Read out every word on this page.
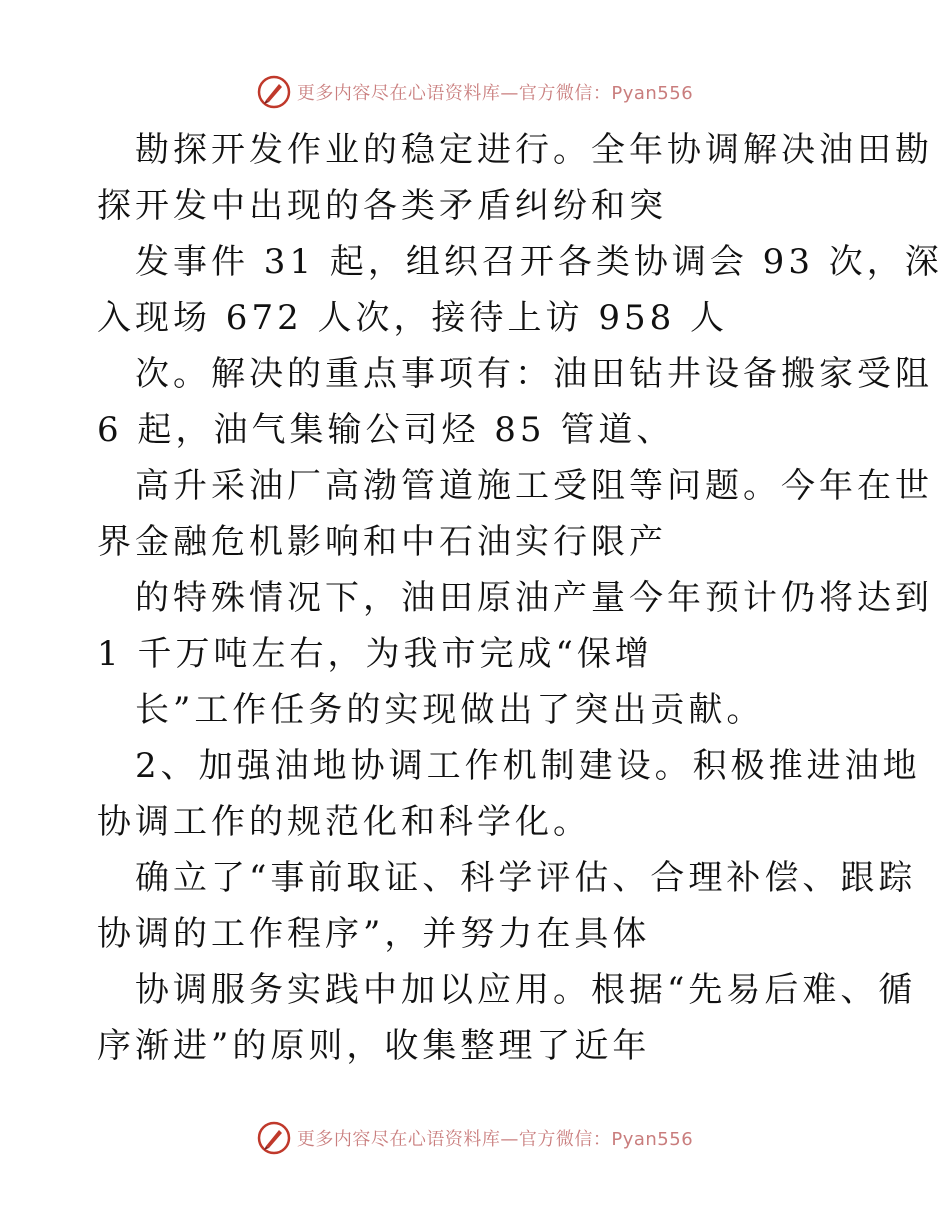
更多内容尽在心语资料库—官方微信：Pyan556

勘探开发作业的稳定进行。全年协调解决油田勘
探开发中出现的各类矛盾纠纷和突

发事件 31 起，组织召开各类协调会 93 次，深
入现场 672 人次，接待上访 958 人

次。解决的重点事项有：油田钻井设备搬家受阻
6 起，油气集输公司烃 85 管道、

高升采油厂高渤管道施工受阻等问题。今年在世
界金融危机影响和中石油实行限产

的特殊情况下，油田原油产量今年预计仍将达到
1 千万吨左右，为我市完成“保增

长”工作任务的实现做出了突出贡献。

2、加强油地协调工作机制建设。积极推进油地
协调工作的规范化和科学化。

确立了“事前取证、科学评估、合理补偿、跟踪
协调的工作程序”，并努力在具体

协调服务实践中加以应用。根据“先易后难、循
序渐进”的原则，收集整理了近年

更多内容尽在心语资料库—官方微信：Pyan556
